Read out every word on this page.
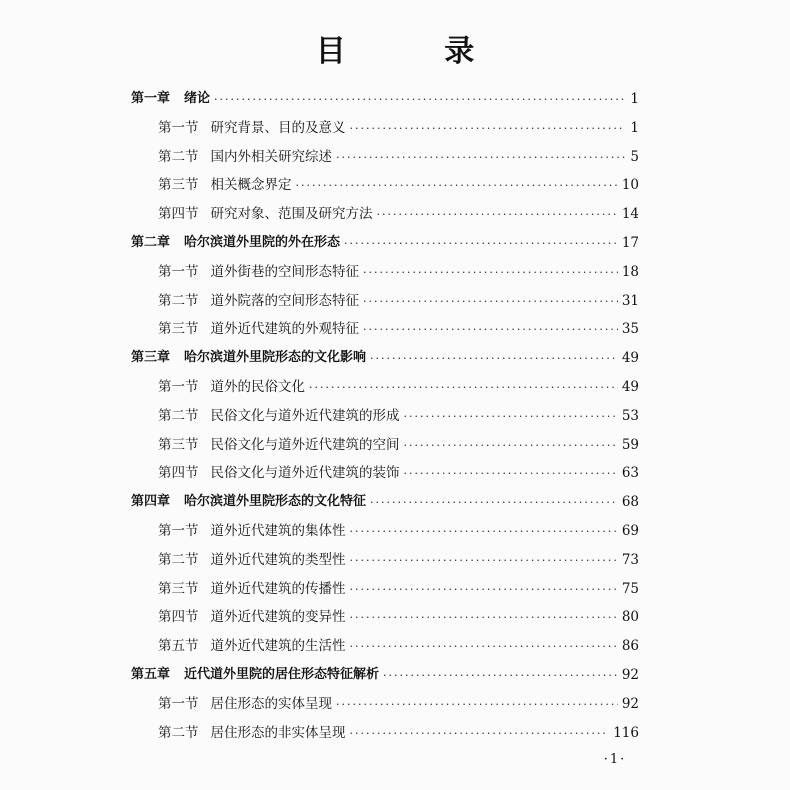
目 录
第一章 绪论 ·····	1
第一节 研究背景、目的及意义 ·····	1
第二节 国内外相关研究综述 ·····	5
第三节 相关概念界定 ·····	10
第四节 研究对象、范围及研究方法 ·····	14
第二章 哈尔滨道外里院的外在形态 ·····	17
第一节 道外街巷的空间形态特征 ·····	18
第二节 道外院落的空间形态特征 ·····	31
第三节 道外近代建筑的外观特征 ·····	35
第三章 哈尔滨道外里院形态的文化影响 ·····	49
第一节 道外的民俗文化 ·····	49
第二节 民俗文化与道外近代建筑的形成 ·····	53
第三节 民俗文化与道外近代建筑的空间 ·····	59
第四节 民俗文化与道外近代建筑的装饰 ·····	63
第四章 哈尔滨道外里院形态的文化特征 ·····	68
第一节 道外近代建筑的集体性 ·····	69
第二节 道外近代建筑的类型性 ·····	73
第三节 道外近代建筑的传播性 ·····	75
第四节 道外近代建筑的变异性 ·····	80
第五节 道外近代建筑的生活性 ·····	86
第五章 近代道外里院的居住形态特征解析 ·····	92
第一节 居住形态的实体呈现 ·····	92
第二节 居住形态的非实体呈现 ·····	116
·1·
